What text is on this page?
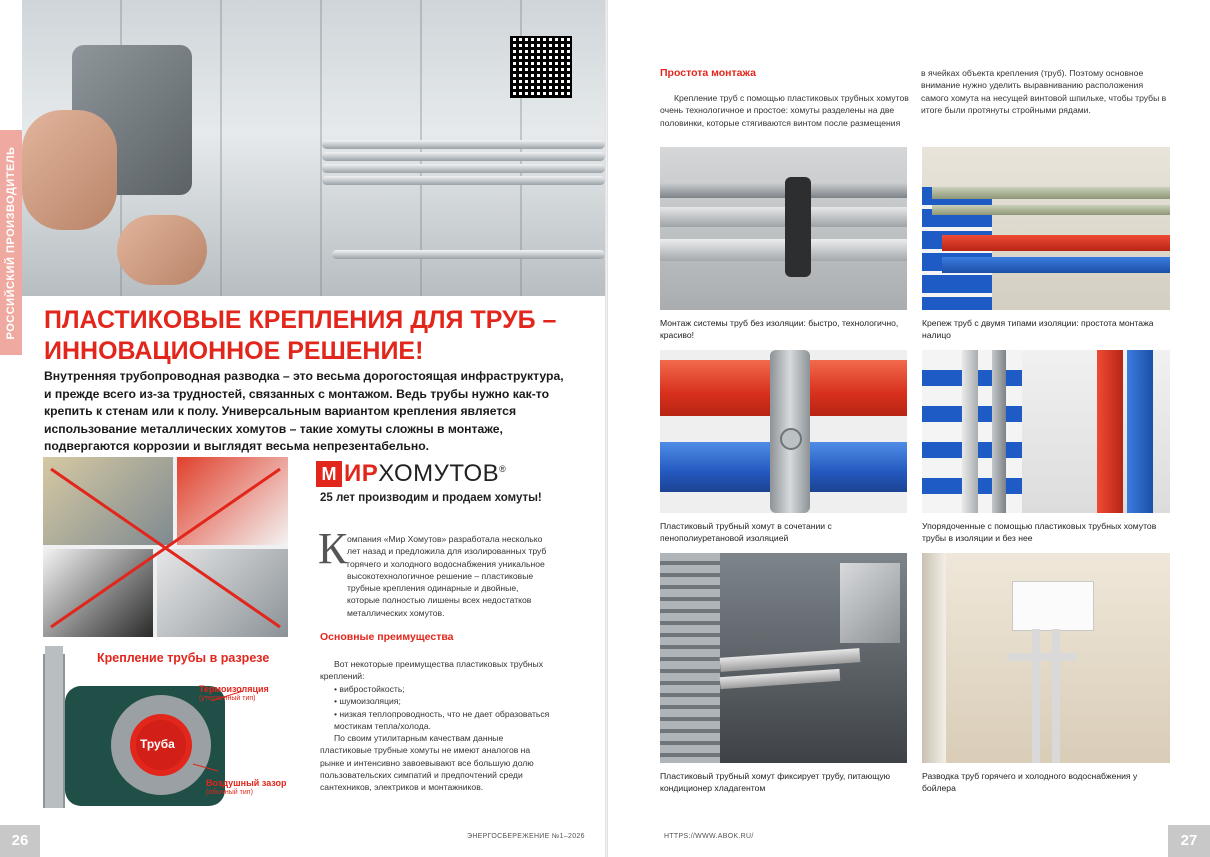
РОССИЙСКИЙ ПРОИЗВОДИТЕЛЬ ПЛАСТИКОВЫЕ КРЕПЛЕНИЯ ДЛЯ ТРУБ –
ИННОВАЦИОННОЕ РЕШЕНИЕ!

Внутренняя трубопроводная разводка – это весьма дорогостоящая инфраструктура, и прежде всего из-за трудностей, связанных с монтажом. Ведь трубы нужно как-то крепить к стенам или к полу. Универсальным вариантом крепления является использование металлических хомутов – такие хомуты сложны в монтаже, подвергаются коррозии и выглядят весьма непрезентабельно.

Крепление трубы в разрезе
Термоизоляция
(утепленный тип)
Труба
Воздушный зазор
(обычный тип)
М ИРХОМУТОВ®
25 лет производим и продаем хомуты!
К омпания «Мир Хомутов» разработала несколько лет назад и предложила для изолированных труб горячего и холодного водоснабжения уникальное высокотехнологичное решение – пластиковые трубные крепления одинарные и двойные, которые полностью лишены всех недостатков металлических хомутов.

Основные преимущества

Вот некоторые преимущества пластиковых трубных креплений:

• вибростойкость;

• шумоизоляция;

• низкая теплопроводность, что не дает образоваться мостикам тепла/холода.

По своим утилитарным качествам данные пластиковые трубные хомуты не имеют аналогов на рынке и интенсивно завоевывают все большую долю пользовательских симпатий и предпочтений среди сантехников, электриков и монтажников.

26	ЭНЕРГОСБЕРЕЖЕНИЕ №1–2026
Простота монтажа

Крепление труб с помощью пластиковых трубных хомутов очень технологичное и простое: хомуты разделены на две половинки, которые стягиваются винтом после размещения

в ячейках объекта крепления (труб). Поэтому основное внимание нужно уделить выравниванию расположения самого хомута на несущей винтовой шпильке, чтобы трубы в итоге были протянуты стройными рядами.

Монтаж системы труб без изоляции: быстро, технологично, красиво!

Крепеж труб с двумя типами изоляции: простота монтажа налицо

Пластиковый трубный хомут в сочетании с пенополиуретановой изоляцией

Упорядоченные с помощью пластиковых трубных хомутов трубы в изоляции и без нее

Пластиковый трубный хомут фиксирует трубу, питающую кондиционер хладагентом

Разводка труб горячего и холодного водоснабжения у бойлера

HTTPS://WWW.ABOK.RU/	27
